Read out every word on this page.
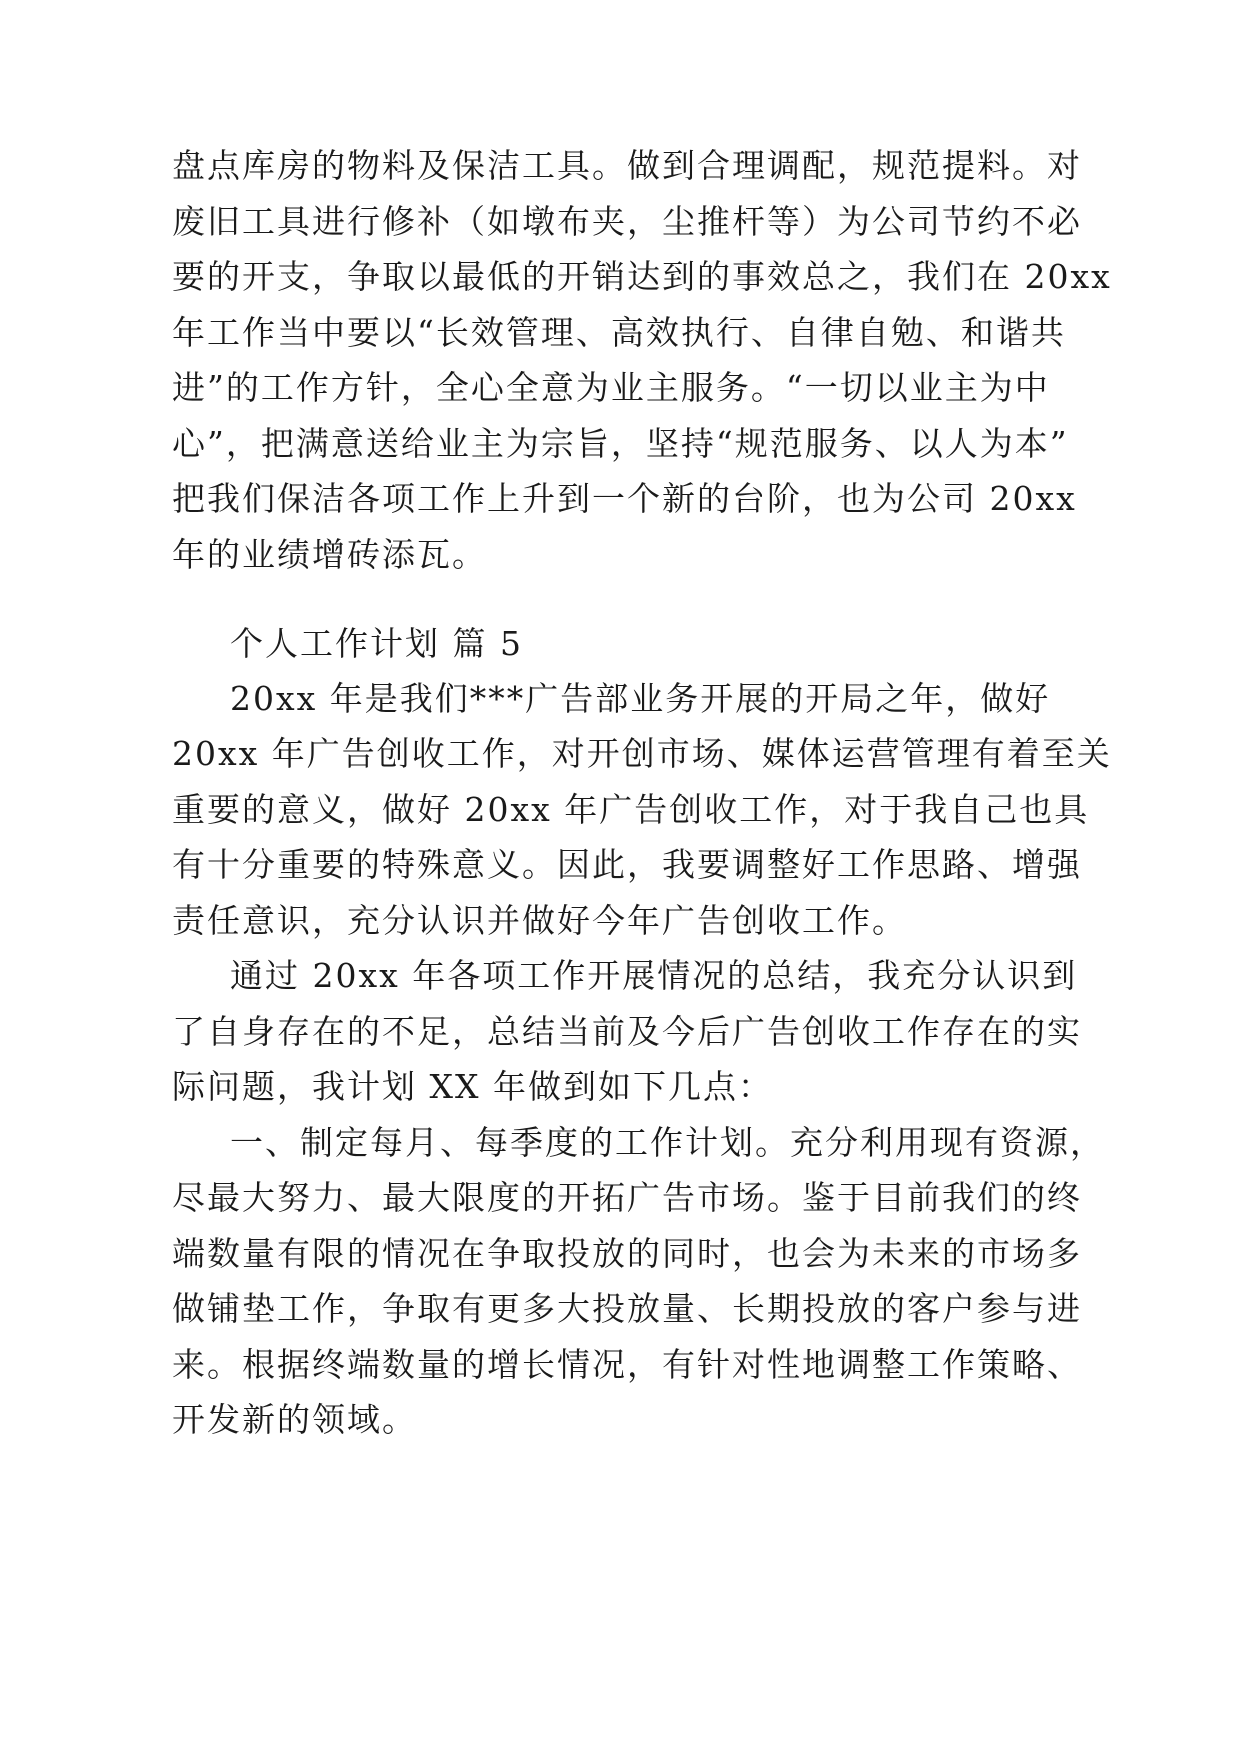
盘点库房的物料及保洁工具。做到合理调配，规范提料。对
废旧工具进行修补（如墩布夹，尘推杆等）为公司节约不必
要的开支，争取以最低的开销达到的事效总之，我们在 20xx
年工作当中要以“长效管理、高效执行、自律自勉、和谐共
进”的工作方针，全心全意为业主服务。“一切以业主为中
心”，把满意送给业主为宗旨，坚持“规范服务、以人为本”
把我们保洁各项工作上升到一个新的台阶，也为公司 20xx
年的业绩增砖添瓦。
个人工作计划 篇 5
20xx 年是我们***广告部业务开展的开局之年，做好
20xx 年广告创收工作，对开创市场、媒体运营管理有着至关
重要的意义，做好 20xx 年广告创收工作，对于我自己也具
有十分重要的特殊意义。因此，我要调整好工作思路、增强
责任意识，充分认识并做好今年广告创收工作。
通过 20xx 年各项工作开展情况的总结，我充分认识到
了自身存在的不足，总结当前及今后广告创收工作存在的实
际问题，我计划 XX 年做到如下几点：
一、制定每月、每季度的工作计划。充分利用现有资源，
尽最大努力、最大限度的开拓广告市场。鉴于目前我们的终
端数量有限的情况在争取投放的同时，也会为未来的市场多
做铺垫工作，争取有更多大投放量、长期投放的客户参与进
来。根据终端数量的增长情况，有针对性地调整工作策略、
开发新的领域。
